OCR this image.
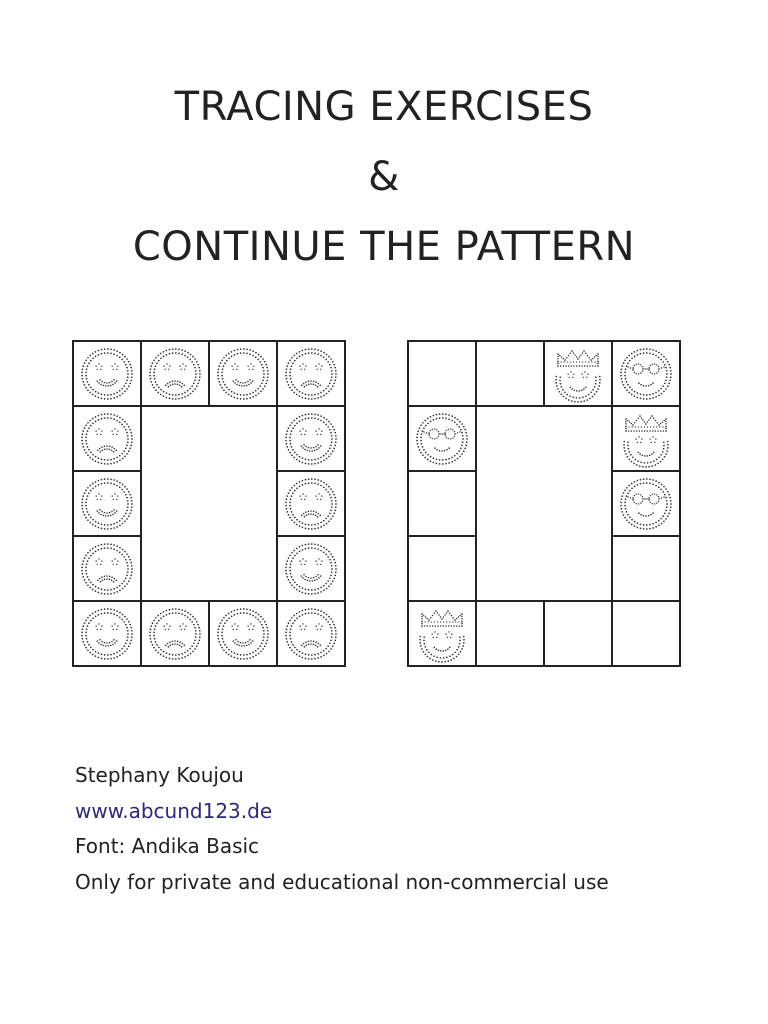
TRACING EXERCISES
&
CONTINUE THE PATTERN
Stephany Koujou
www.abcund123.de
Font: Andika Basic
Only for private and educational non-commercial use
